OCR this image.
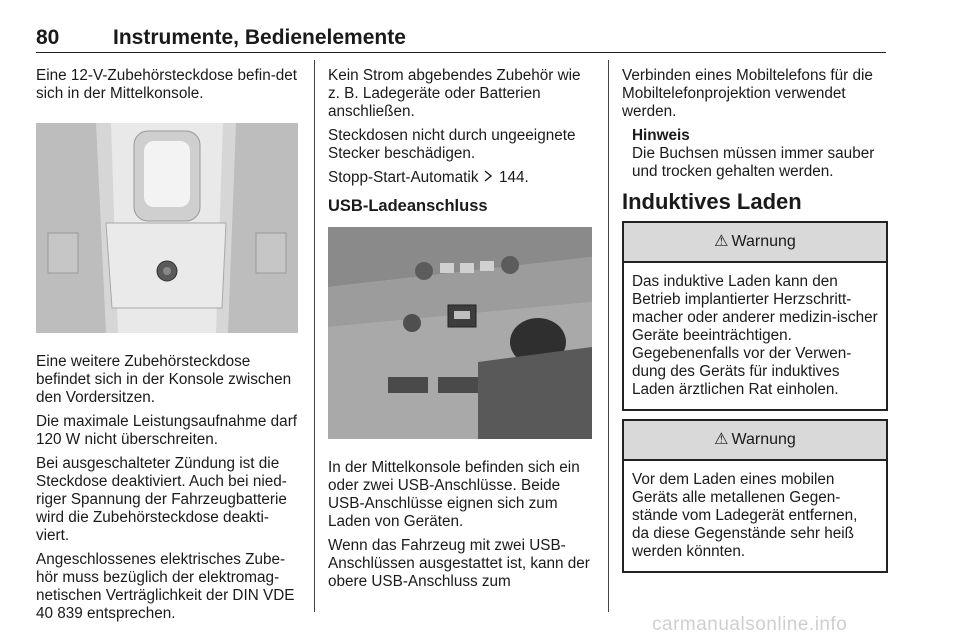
80	Instrumente, Bedienelemente

Eine 12-V-Zubehörsteckdose befin-det sich in der Mittelkonsole.

Eine weitere Zubehörsteckdose befindet sich in der Konsole zwischen den Vordersitzen.

Die maximale Leistungsaufnahme darf 120 W nicht überschreiten.

Bei ausgeschalteter Zündung ist die Steckdose deaktiviert. Auch bei nied-riger Spannung der Fahrzeugbatterie wird die Zubehörsteckdose deakti-viert.

Angeschlossenes elektrisches Zube-hör muss bezüglich der elektromag-netischen Verträglichkeit der DIN VDE 40 839 entsprechen.

Kein Strom abgebendes Zubehör wie z. B. Ladegeräte oder Batterien anschließen.

Steckdosen nicht durch ungeeignete Stecker beschädigen.

Stopp-Start-Automatik 144.

USB-Ladeanschluss

In der Mittelkonsole befinden sich ein oder zwei USB-Anschlüsse. Beide USB-Anschlüsse eignen sich zum Laden von Geräten.

Wenn das Fahrzeug mit zwei USB-Anschlüssen ausgestattet ist, kann der obere USB-Anschluss zum

Verbinden eines Mobiltelefons für die Mobiltelefonprojektion verwendet werden.

Hinweis
Die Buchsen müssen immer sauber und trocken gehalten werden.
Induktives Laden
⚠ Warnung
Das induktive Laden kann den Betrieb implantierter Herzschritt-macher oder anderer medizin-ischer Geräte beeinträchtigen. Gegebenenfalls vor der Verwen-dung des Geräts für induktives Laden ärztlichen Rat einholen.
⚠ Warnung
Vor dem Laden eines mobilen Geräts alle metallenen Gegen-stände vom Ladegerät entfernen, da diese Gegenstände sehr heiß werden könnten.
carmanualsonline.info
